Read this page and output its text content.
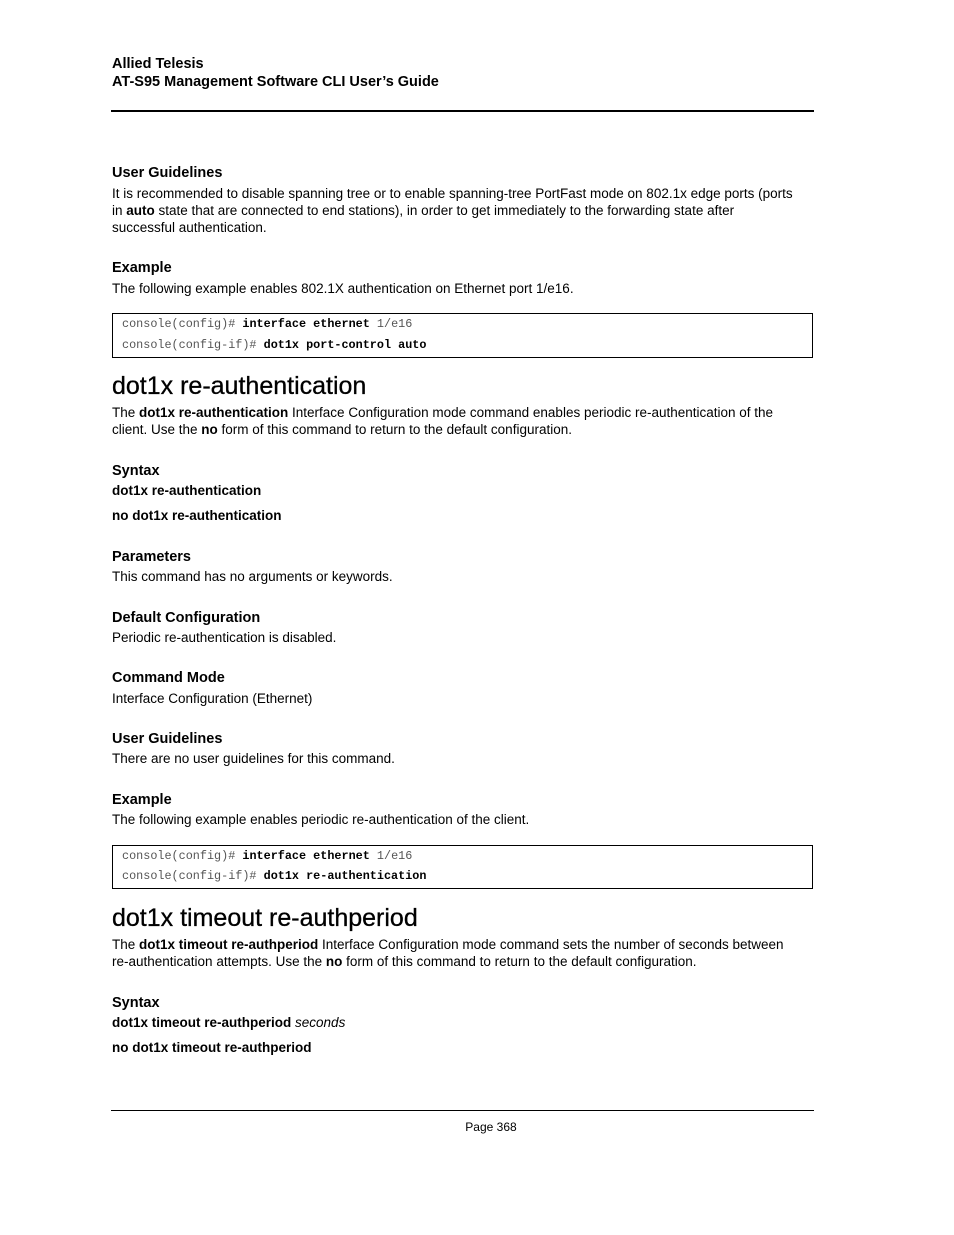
Allied Telesis
AT-S95 Management Software CLI User’s Guide
User Guidelines
It is recommended to disable spanning tree or to enable spanning-tree PortFast mode on 802.1x edge ports (ports
in auto state that are connected to end stations), in order to get immediately to the forwarding state after
successful authentication.
Example
The following example enables 802.1X authentication on Ethernet port 1/e16.
console(config)# interface ethernet 1/e16
console(config-if)# dot1x port-control auto
dot1x re-authentication
The dot1x re-authentication Interface Configuration mode command enables periodic re-authentication of the
client. Use the no form of this command to return to the default configuration.
Syntax
dot1x re-authentication
no dot1x re-authentication
Parameters
This command has no arguments or keywords.
Default Configuration
Periodic re-authentication is disabled.
Command Mode
Interface Configuration (Ethernet)
User Guidelines
There are no user guidelines for this command.
Example
The following example enables periodic re-authentication of the client.
console(config)# interface ethernet 1/e16
console(config-if)# dot1x re-authentication
dot1x timeout re-authperiod
The dot1x timeout re-authperiod Interface Configuration mode command sets the number of seconds between
re-authentication attempts. Use the no form of this command to return to the default configuration.
Syntax
dot1x timeout re-authperiod seconds
no dot1x timeout re-authperiod
Page 368
